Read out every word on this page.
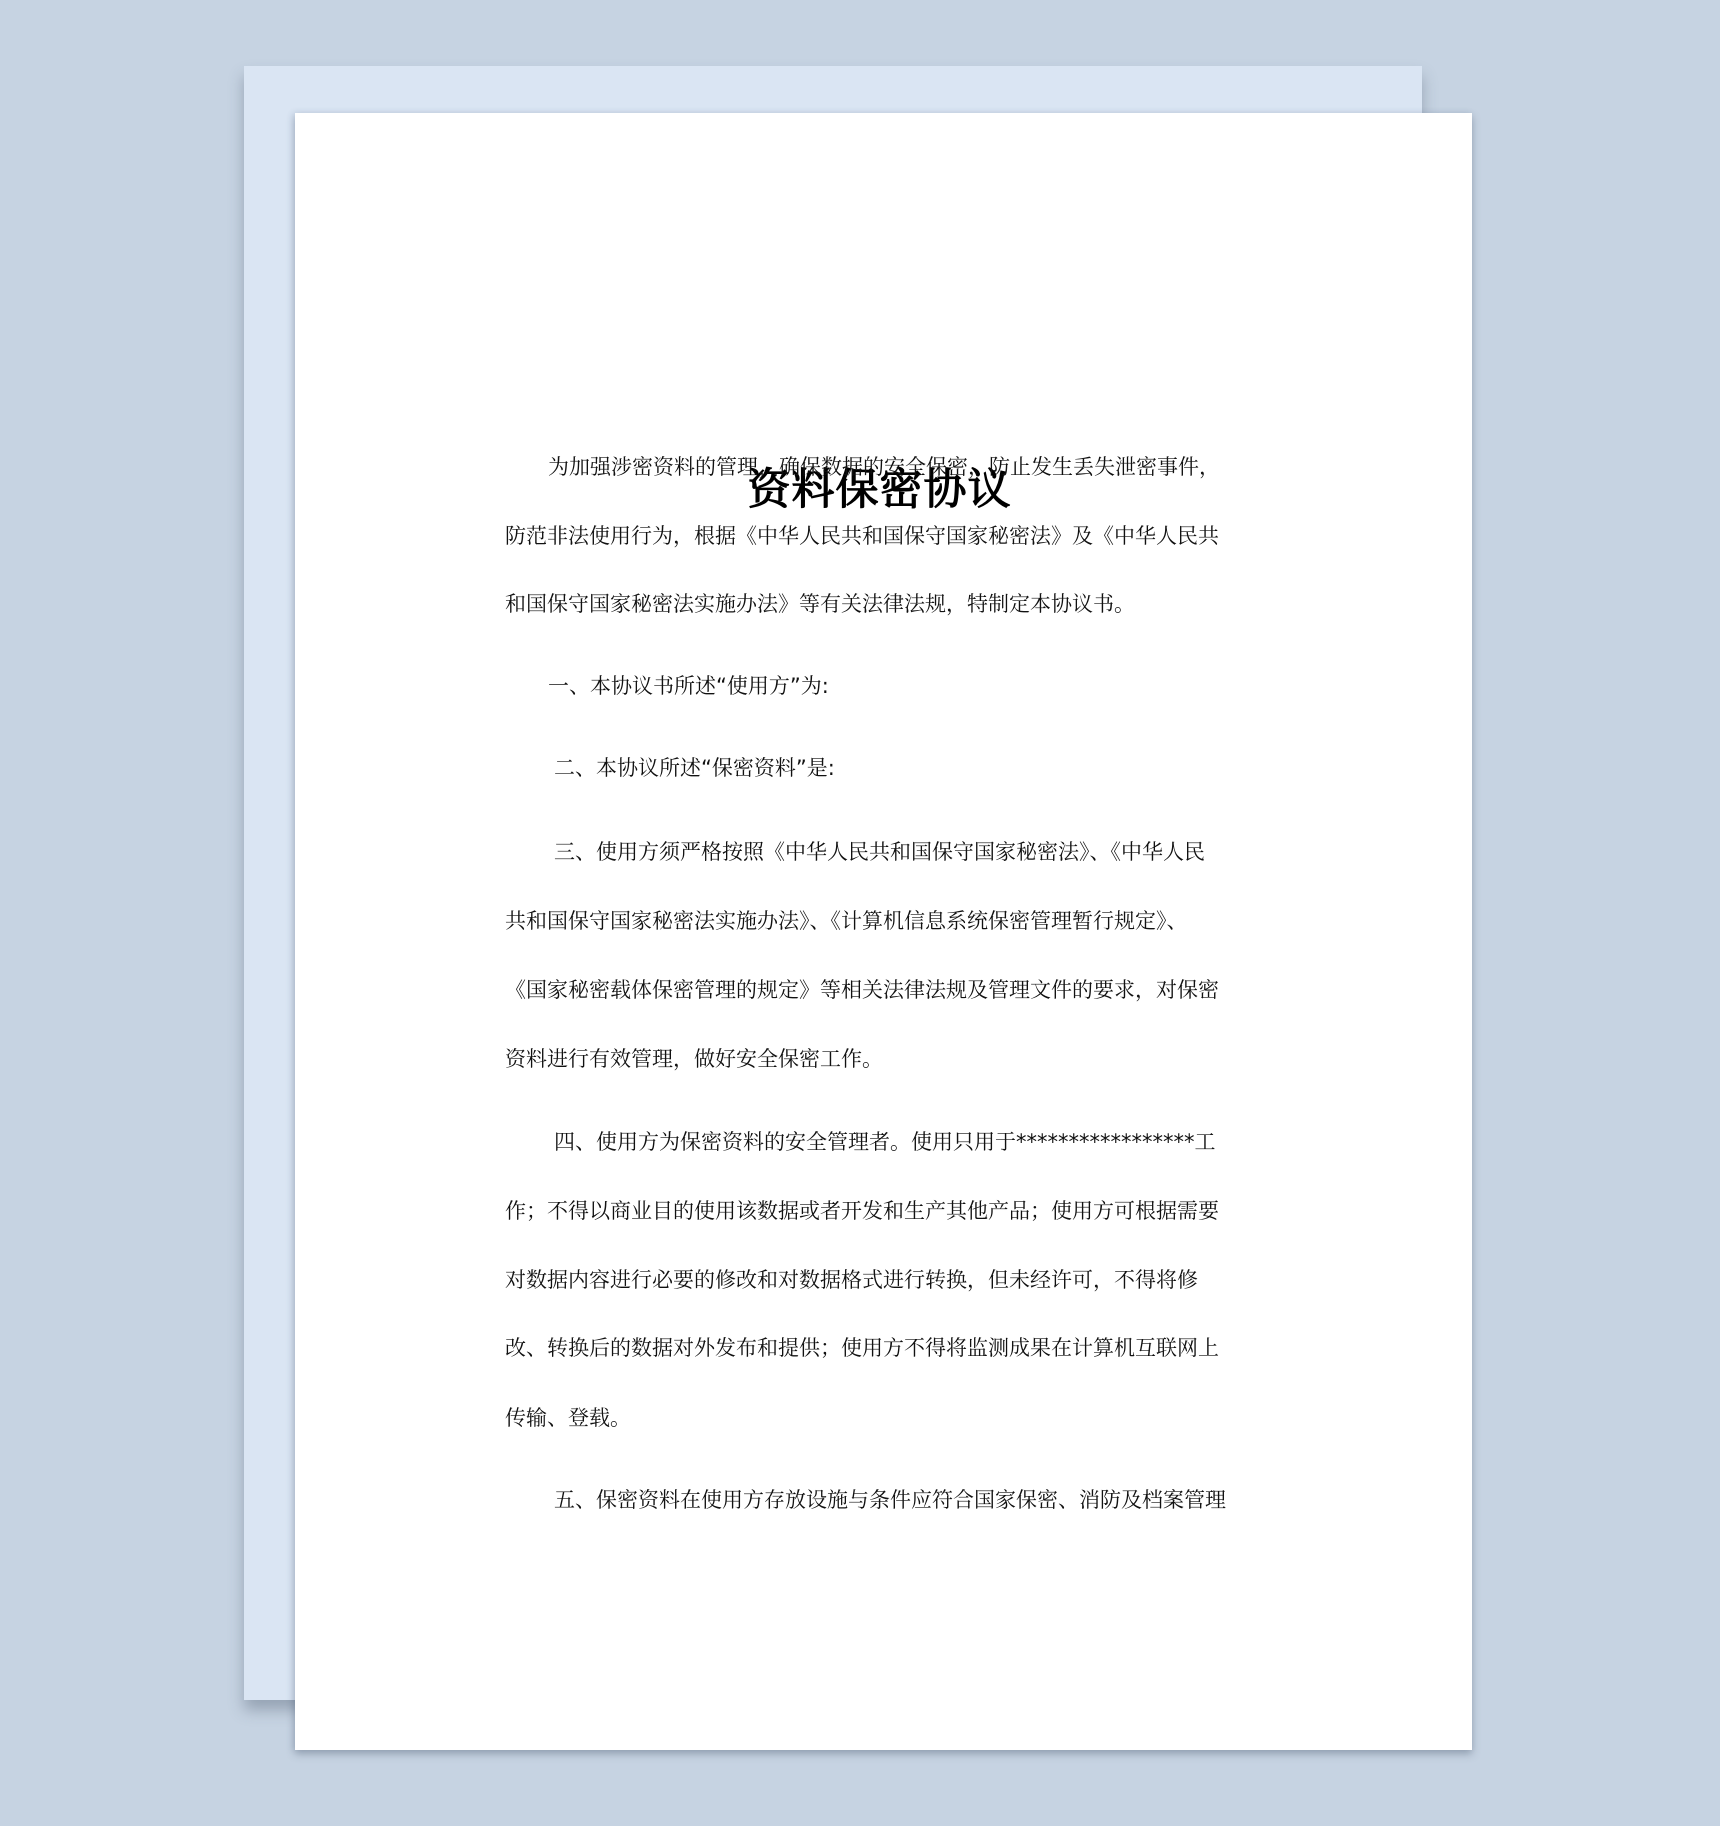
资料保密协议
为加强涉密资料的管理，确保数据的安全保密，防止发生丢失泄密事件，
防范非法使用行为，根据《中华人民共和国保守国家秘密法》及《中华人民共
和国保守国家秘密法实施办法》等有关法律法规，特制定本协议书。
一、本协议书所述“使用方”为:
二、本协议所述“保密资料”是:
三、使用方须严格按照《中华人民共和国保守国家秘密法》、《中华人民
共和国保守国家秘密法实施办法》、《计算机信息系统保密管理暂行规定》、
《国家秘密载体保密管理的规定》等相关法律法规及管理文件的要求，对保密
资料进行有效管理，做好安全保密工作。
四、使用方为保密资料的安全管理者。使用只用于*****************工
作；不得以商业目的使用该数据或者开发和生产其他产品；使用方可根据需要
对数据内容进行必要的修改和对数据格式进行转换，但未经许可，不得将修
改、转换后的数据对外发布和提供；使用方不得将监测成果在计算机互联网上
传输、登载。
五、保密资料在使用方存放设施与条件应符合国家保密、消防及档案管理
